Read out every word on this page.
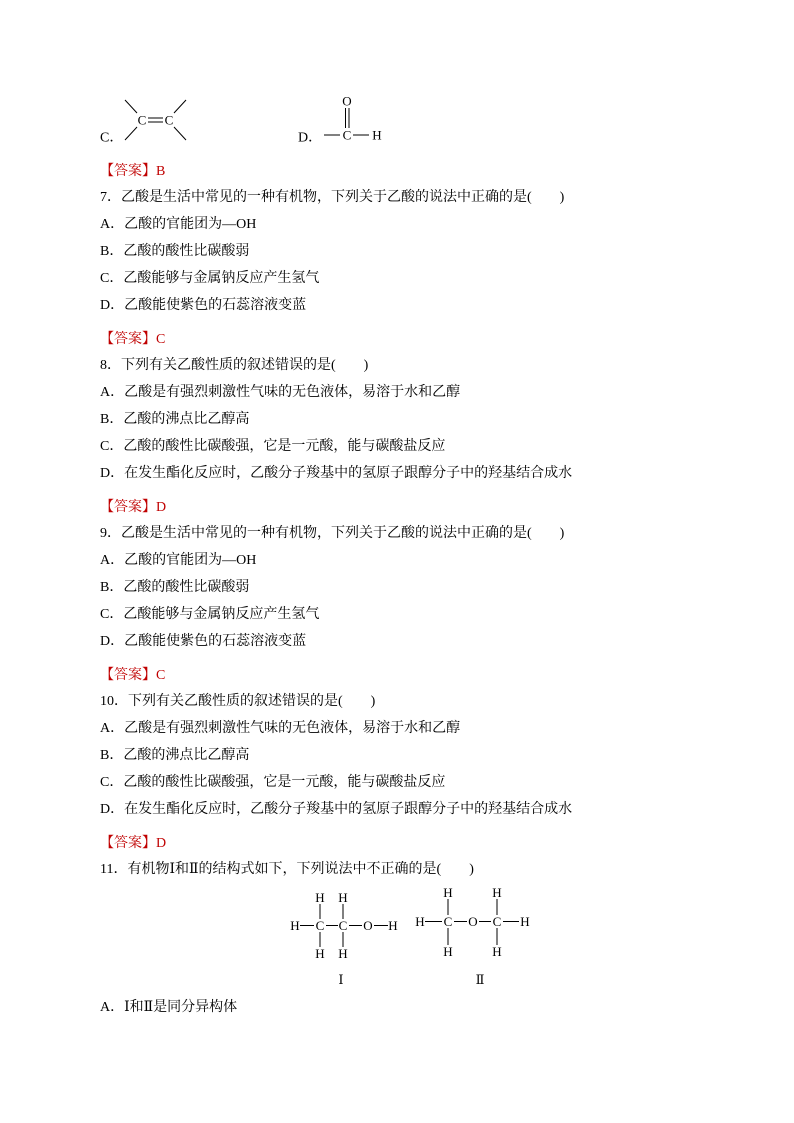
C．
C C
D．
O
C H
【答案】B
7．乙酸是生活中常见的一种有机物，下列关于乙酸的说法中正确的是(　　)
A．乙酸的官能团为—OH
B．乙酸的酸性比碳酸弱
C．乙酸能够与金属钠反应产生氢气
D．乙酸能使紫色的石蕊溶液变蓝
【答案】C
8．下列有关乙酸性质的叙述错误的是(　　)
A．乙酸是有强烈刺激性气味的无色液体，易溶于水和乙醇
B．乙酸的沸点比乙醇高
C．乙酸的酸性比碳酸强，它是一元酸，能与碳酸盐反应
D．在发生酯化反应时，乙酸分子羧基中的氢原子跟醇分子中的羟基结合成水
【答案】D
9．乙酸是生活中常见的一种有机物，下列关于乙酸的说法中正确的是(　　)
A．乙酸的官能团为—OH
B．乙酸的酸性比碳酸弱
C．乙酸能够与金属钠反应产生氢气
D．乙酸能使紫色的石蕊溶液变蓝
【答案】C
10．下列有关乙酸性质的叙述错误的是(　　)
A．乙酸是有强烈刺激性气味的无色液体，易溶于水和乙醇
B．乙酸的沸点比乙醇高
C．乙酸的酸性比碳酸强，它是一元酸，能与碳酸盐反应
D．在发生酯化反应时，乙酸分子羧基中的氢原子跟醇分子中的羟基结合成水
【答案】D
11．有机物Ⅰ和Ⅱ的结构式如下，下列说法中不正确的是(　　)
H H
H C C O H
H H
Ⅰ
H	H
H C O C H
H	H
Ⅱ
A．Ⅰ和Ⅱ是同分异构体
